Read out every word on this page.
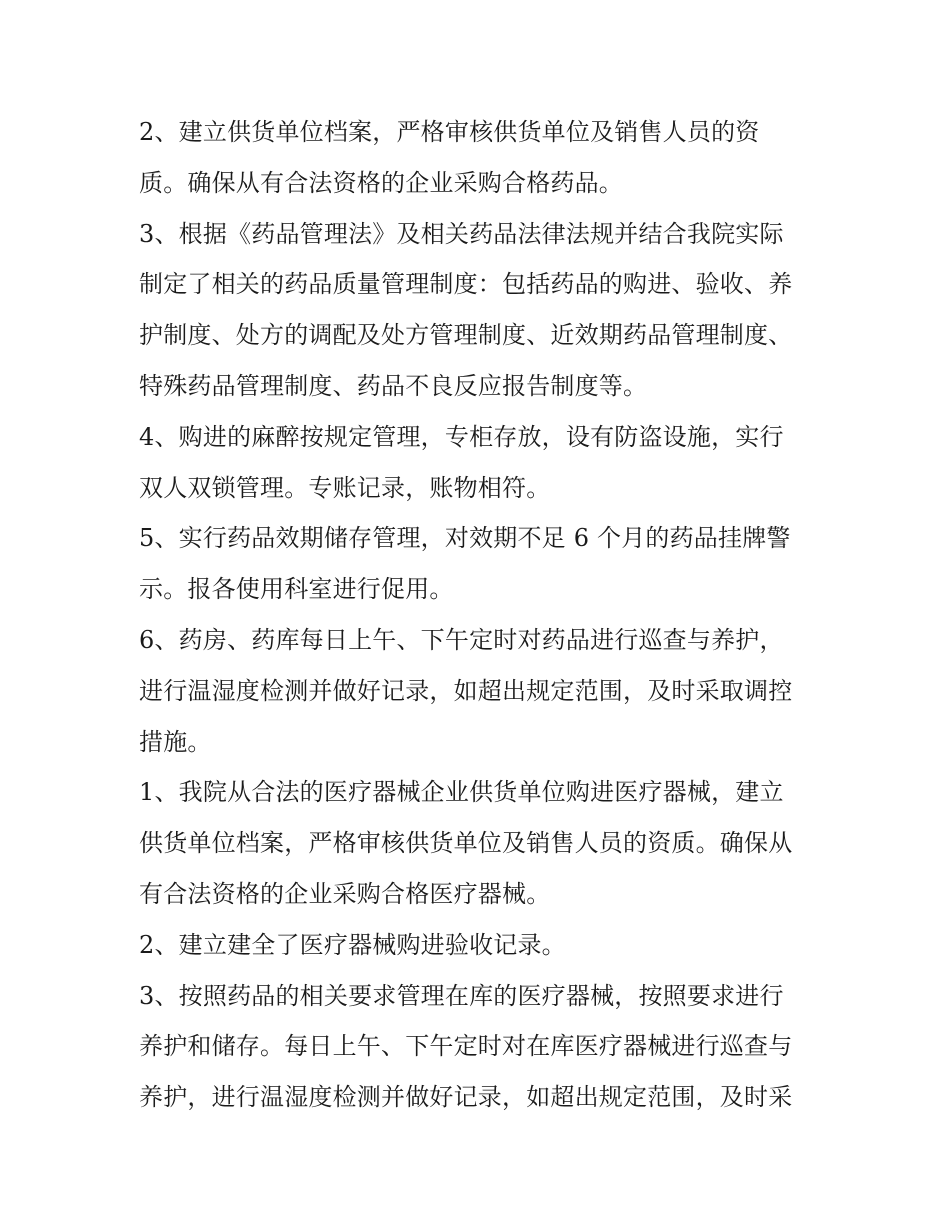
2、建立供货单位档案，严格审核供货单位及销售人员的资
质。确保从有合法资格的企业采购合格药品。
3、根据《药品管理法》及相关药品法律法规并结合我院实际
制定了相关的药品质量管理制度：包括药品的购进、验收、养
护制度、处方的调配及处方管理制度、近效期药品管理制度、
特殊药品管理制度、药品不良反应报告制度等。
4、购进的麻醉按规定管理，专柜存放，设有防盗设施，实行
双人双锁管理。专账记录，账物相符。
5、实行药品效期储存管理，对效期不足 6 个月的药品挂牌警
示。报各使用科室进行促用。
6、药房、药库每日上午、下午定时对药品进行巡查与养护，
进行温湿度检测并做好记录，如超出规定范围，及时采取调控
措施。
1、我院从合法的医疗器械企业供货单位购进医疗器械，建立
供货单位档案，严格审核供货单位及销售人员的资质。确保从
有合法资格的企业采购合格医疗器械。
2、建立建全了医疗器械购进验收记录。
3、按照药品的相关要求管理在库的医疗器械，按照要求进行
养护和储存。每日上午、下午定时对在库医疗器械进行巡查与
养护，进行温湿度检测并做好记录，如超出规定范围，及时采
